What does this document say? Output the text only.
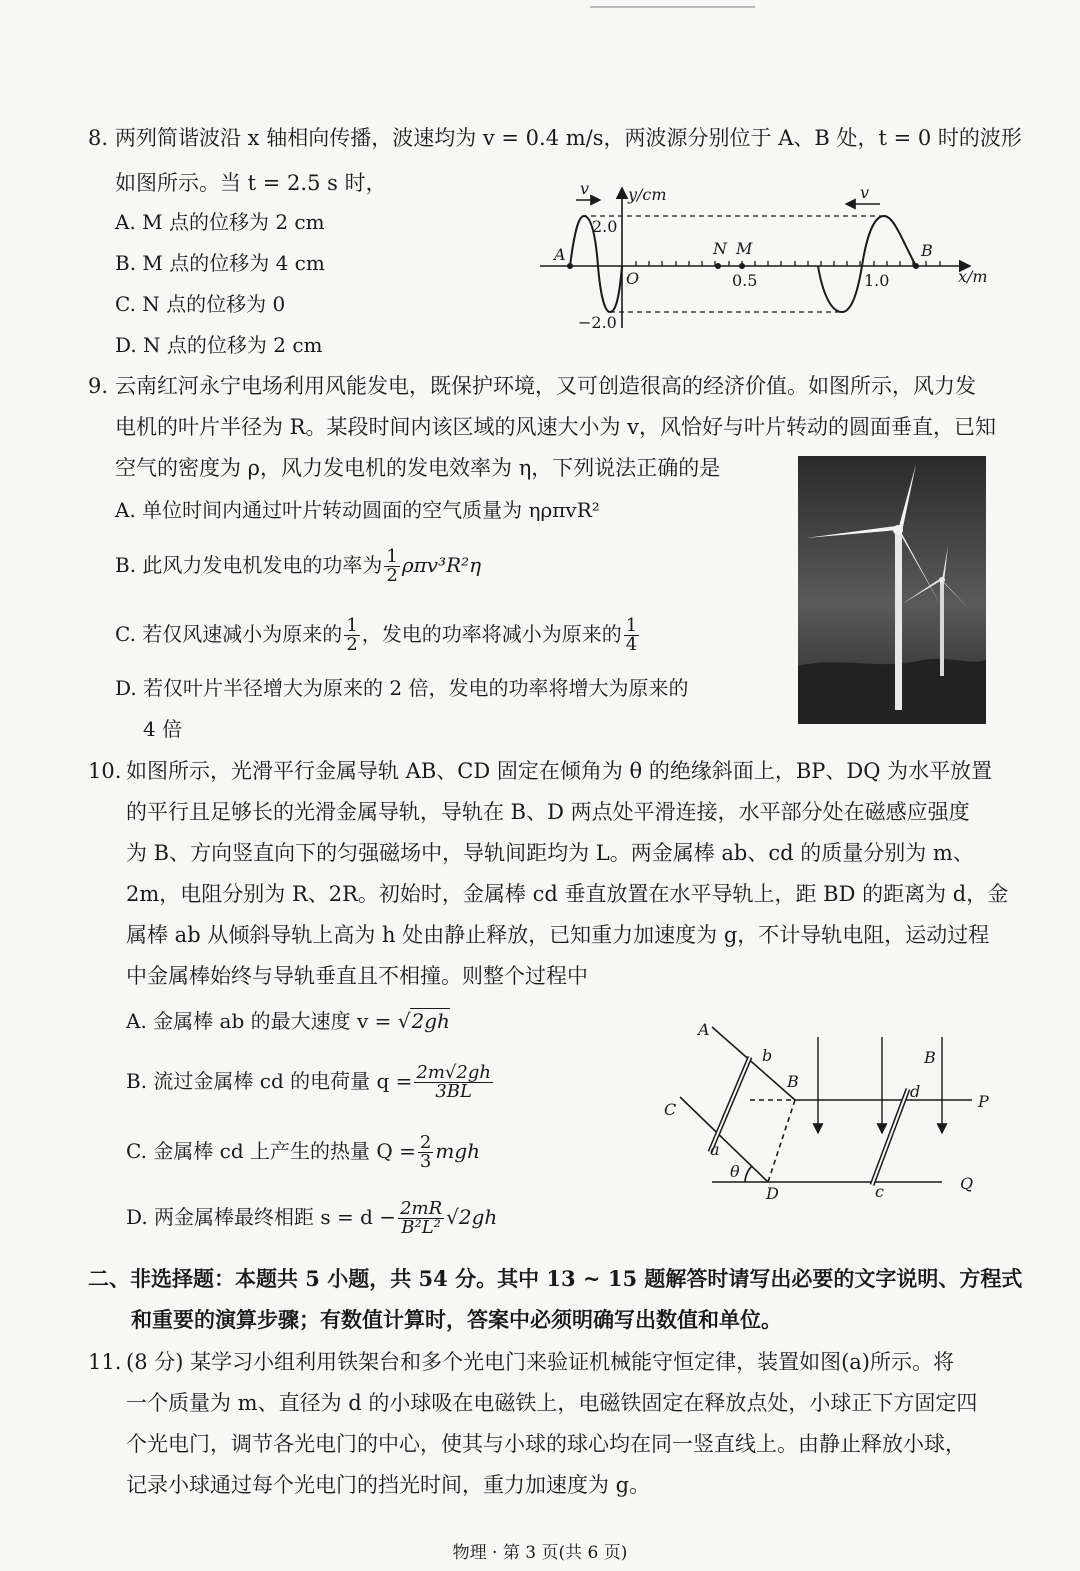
8. 两列简谐波沿 x 轴相向传播，波速均为 v = 0.4 m/s，两波源分别位于 A、B 处，t = 0 时的波形
如图所示。当 t = 2.5 s 时，
A. M 点的位移为 2 cm
B. M 点的位移为 4 cm
C. N 点的位移为 0
D. N 点的位移为 2 cm
A	B
N M
y/cm
x/m
O
2.0
−2.0
0.5	1.0
v	v
9. 云南红河永宁电场利用风能发电，既保护环境，又可创造很高的经济价值。如图所示，风力发
电机的叶片半径为 R。某段时间内该区域的风速大小为 v，风恰好与叶片转动的圆面垂直，已知
空气的密度为 ρ，风力发电机的发电效率为 η，下列说法正确的是
A. 单位时间内通过叶片转动圆面的空气质量为 ηρπvR²
B. 此风力发电机发电的功率为 $\frac{1}{2} \rho\pi v^3R^2\eta$
C. 若仅风速减小为原来的 $\frac{1}{2}$ ，发电的功率将减小为原来的 $\frac{1}{4}$
D. 若仅叶片半径增大为原来的 2 倍，发电的功率将增大为原来的
4 倍
10. 如图所示，光滑平行金属导轨 AB、CD 固定在倾角为 θ 的绝缘斜面上，BP、DQ 为水平放置
的平行且足够长的光滑金属导轨，导轨在 B、D 两点处平滑连接，水平部分处在磁感应强度
为 B、方向竖直向下的匀强磁场中，导轨间距均为 L。两金属棒 ab、cd 的质量分别为 m、
2m，电阻分别为 R、2R。初始时，金属棒 cd 垂直放置在水平导轨上，距 BD 的距离为 d，金
属棒 ab 从倾斜导轨上高为 h 处由静止释放，已知重力加速度为 g，不计导轨电阻，运动过程
中金属棒始终与导轨垂直且不相撞。则整个过程中
A. 金属棒 ab 的最大速度 v = √2gh
B. 流过金属棒 cd 的电荷量 $q = \frac{2m√2gh}{3BL}$
C. 金属棒 cd 上产生的热量 $Q = \frac{2}{3}$ mgh
D. 两金属棒最终相距 $s = d - \frac{2mR}{\text{B²L²}} √2gh$
A
b
B
d
B
P
C
a
θ
D	c	Q
二、非选择题：本题共 5 小题，共 54 分。其中 13 ~ 15 题解答时请写出必要的文字说明、方程式
和重要的演算步骤；有数值计算时，答案中必须明确写出数值和单位。
11. (8 分) 某学习小组利用铁架台和多个光电门来验证机械能守恒定律，装置如图(a)所示。将
一个质量为 m、直径为 d 的小球吸在电磁铁上，电磁铁固定在释放点处，小球正下方固定四
个光电门，调节各光电门的中心，使其与小球的球心均在同一竖直线上。由静止释放小球，
记录小球通过每个光电门的挡光时间，重力加速度为 g。
物理 · 第 3 页(共 6 页)
